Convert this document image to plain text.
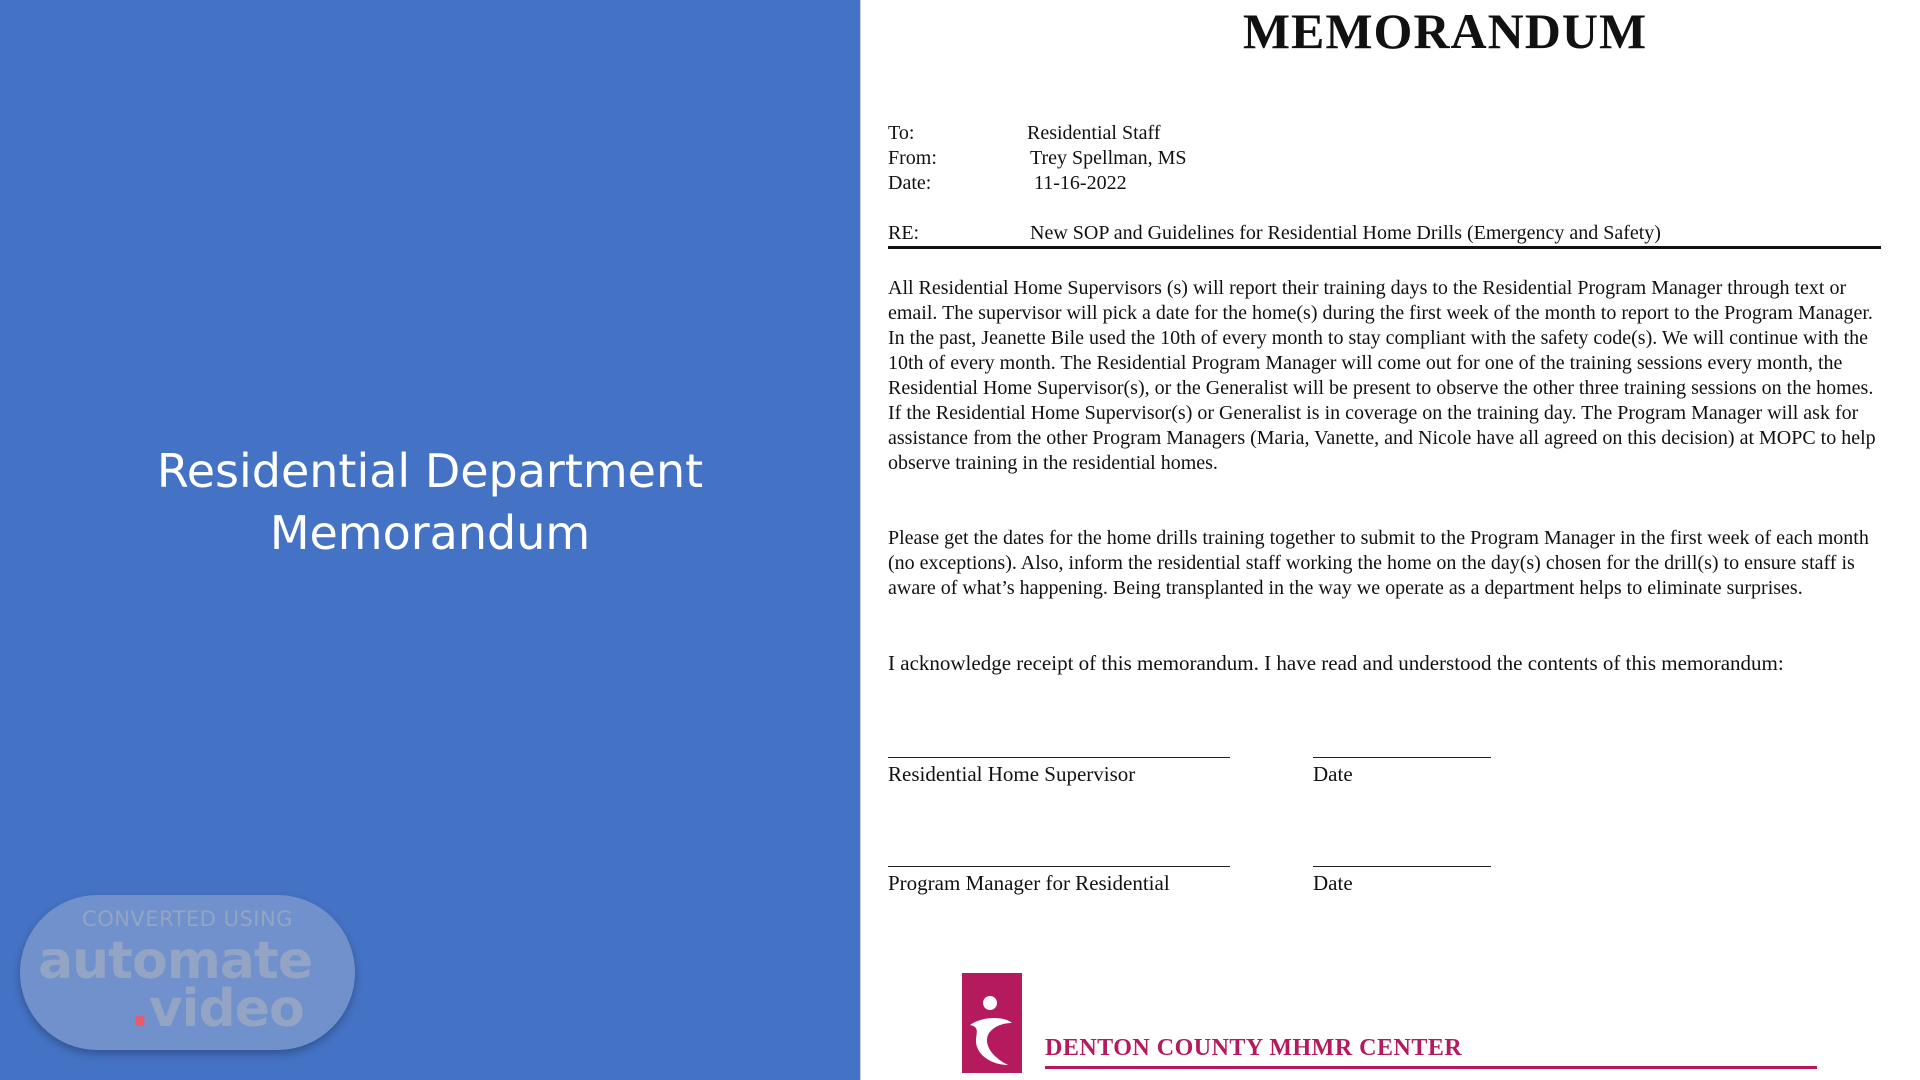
Residential Department
Memorandum
CONVERTED USING
automate
.video
MEMORANDUM
To:	Residential Staff
From:	Trey Spellman, MS
Date:	11-16-2022
RE:	New SOP and Guidelines for Residential Home Drills (Emergency and Safety)
All Residential Home Supervisors (s) will report their training days to the Residential Program Manager through text or email. The supervisor will pick a date for the home(s) during the first week of the month to report to the Program Manager. In the past, Jeanette Bile used the 10th of every month to stay compliant with the safety code(s). We will continue with the 10th of every month. The Residential Program Manager will come out for one of the training sessions every month, the Residential Home Supervisor(s), or the Generalist will be present to observe the other three training sessions on the homes. If the Residential Home Supervisor(s) or Generalist is in coverage on the training day. The Program Manager will ask for assistance from the other Program Managers (Maria, Vanette, and Nicole have all agreed on this decision) at MOPC to help observe training in the residential homes.
Please get the dates for the home drills training together to submit to the Program Manager in the first week of each month (no exceptions). Also, inform the residential staff working the home on the day(s) chosen for the drill(s) to ensure staff is aware of what’s happening. Being transplanted in the way we operate as a department helps to eliminate surprises.
I acknowledge receipt of this memorandum. I have read and understood the contents of this memorandum:
Residential Home Supervisor	Date
Program Manager for Residential	Date
DENTON COUNTY MHMR CENTER
